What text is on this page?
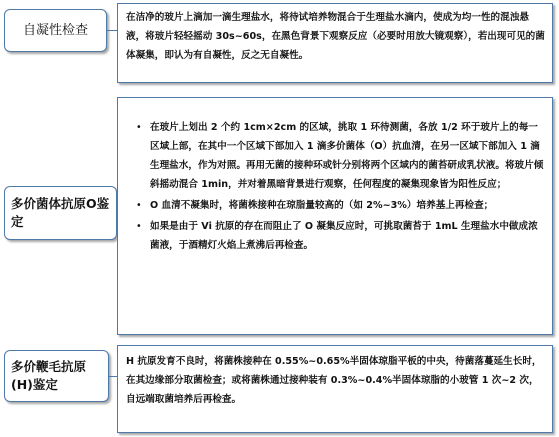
自凝性检查
在洁净的玻片上滴加一滴生理盐水，将待试培养物混合于生理盐水滴内，使成为均一性的混浊悬液，将玻片轻轻摇动 30s~60s，在黑色背景下观察反应（必要时用放大镜观察），若出现可见的菌体凝集，即认为有自凝性，反之无自凝性。
多价菌体抗原O鉴定
• 在玻片上划出 2 个约 1cm×2cm 的区域，挑取 1 环待测菌，各放 1/2 环于玻片上的每一区域上部，在其中一个区域下部加入 1 滴多价菌体（O）抗血清，在另一区域下部加入 1 滴生理盐水，作为对照。再用无菌的接种环或针分别将两个区域内的菌苔研成乳状液。将玻片倾斜摇动混合 1min，并对着黑暗背景进行观察，任何程度的凝集现象皆为阳性反应；
• O 血清不凝集时，将菌株接种在琼脂量较高的（如 2%~3%）培养基上再检查；
• 如果是由于 Vi 抗原的存在而阻止了 O 凝集反应时，可挑取菌苔于 1mL 生理盐水中做成浓菌液，于酒精灯火焰上煮沸后再检查。
多价鞭毛抗原(H)鉴定
H 抗原发育不良时，将菌株接种在 0.55%~0.65%半固体琼脂平板的中央，待菌落蔓延生长时，在其边缘部分取菌检查；或将菌株通过接种装有 0.3%~0.4%半固体琼脂的小玻管 1 次~2 次，自远端取菌培养后再检查。
